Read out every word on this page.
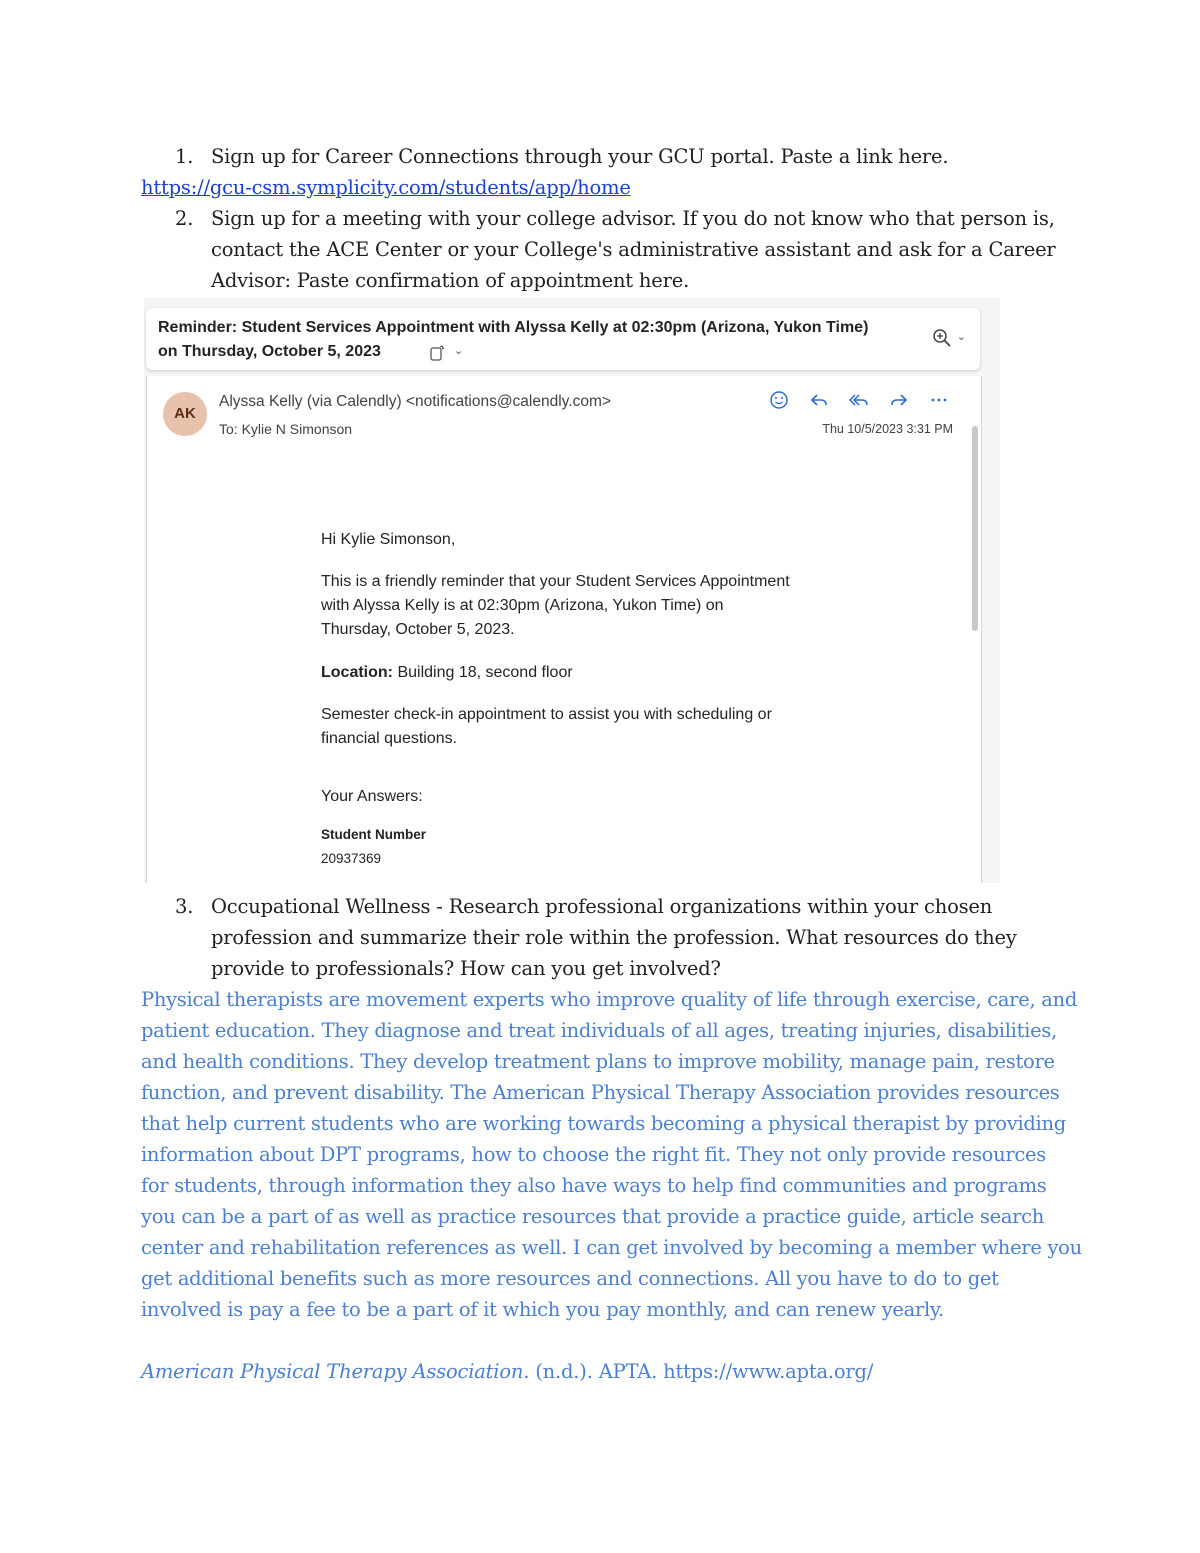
1. Sign up for Career Connections through your GCU portal. Paste a link here.
https://gcu-csm.symplicity.com/students/app/home
2. Sign up for a meeting with your college advisor. If you do not know who that person is,
contact the ACE Center or your College's administrative assistant and ask for a Career
Advisor: Paste confirmation of appointment here.
Reminder: Student Services Appointment with Alyssa Kelly at 02:30pm (Arizona, Yukon Time)
on Thursday, October 5, 2023	⌄
⌄
AK
Alyssa Kelly (via Calendly) <notifications@calendly.com>
To: Kylie N Simonson	Thu 10/5/2023 3:31 PM
Hi Kylie Simonson,
This is a friendly reminder that your Student Services Appointment
with Alyssa Kelly is at 02:30pm (Arizona, Yukon Time) on
Thursday, October 5, 2023.
Location: Building 18, second floor
Semester check-in appointment to assist you with scheduling or
financial questions.
Your Answers:
Student Number
20937369
3. Occupational Wellness - Research professional organizations within your chosen
profession and summarize their role within the profession. What resources do they
provide to professionals? How can you get involved?
Physical therapists are movement experts who improve quality of life through exercise, care, and
patient education. They diagnose and treat individuals of all ages, treating injuries, disabilities,
and health conditions. They develop treatment plans to improve mobility, manage pain, restore
function, and prevent disability. The American Physical Therapy Association provides resources
that help current students who are working towards becoming a physical therapist by providing
information about DPT programs, how to choose the right fit. They not only provide resources
for students, through information they also have ways to help find communities and programs
you can be a part of as well as practice resources that provide a practice guide, article search
center and rehabilitation references as well. I can get involved by becoming a member where you
get additional benefits such as more resources and connections. All you have to do to get
involved is pay a fee to be a part of it which you pay monthly, and can renew yearly.
American Physical Therapy Association. (n.d.). APTA. https://www.apta.org/
